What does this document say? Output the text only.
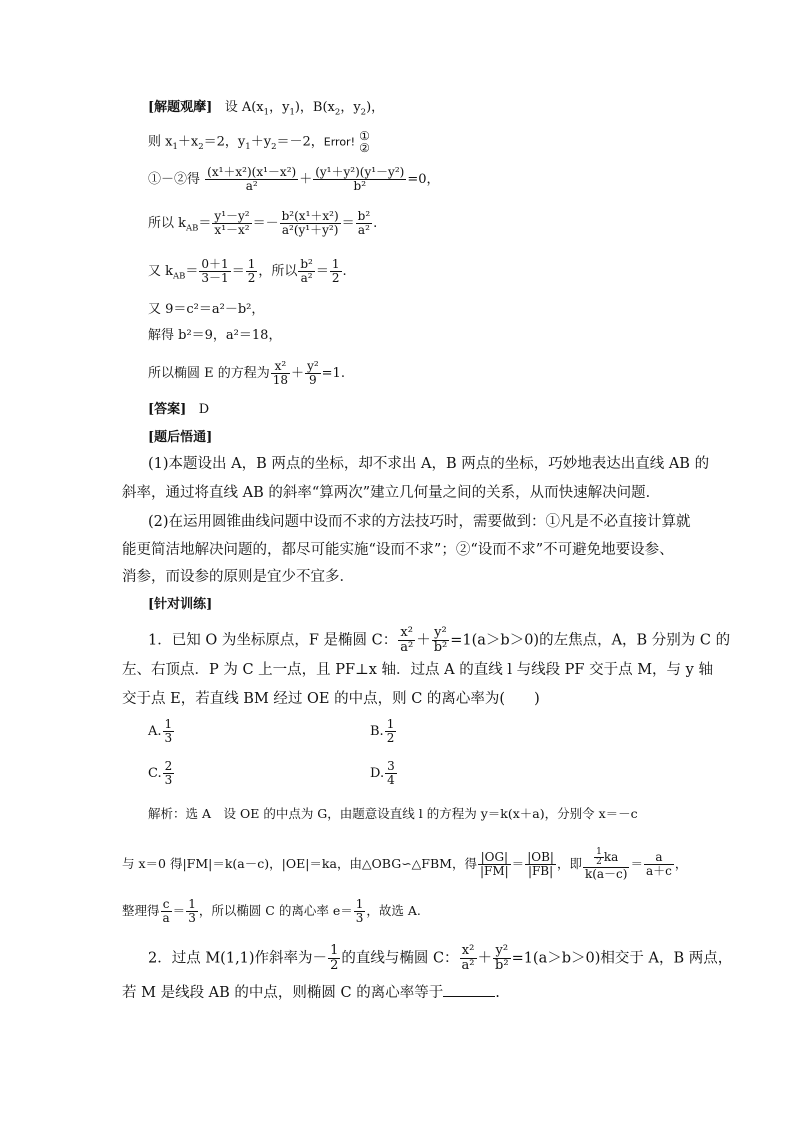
[解题观摩] 设 $A(x_1$，$y_1$)，$B(x_2$，$y_2$)，
则 $x_1+x_2=2$，$y_1+y_2=-2$，Error! ①
②
①－②得 $\frac{\text{(x¹＋x²)(x¹－x²)}}{\text{a²}} + \frac{\text{(y¹＋y²)(y¹－y²)}}{\text{b²}} =0$，
所以 $k_{AB}= \frac{\text{y¹－y²}}{\text{x¹－x²}} =- \frac{\text{b²(x¹＋x²)}}{\text{a²(y¹＋y²)}} = \frac{\text{b²}}{\text{a²}}$ .
又 $k_{AB}= \frac{0+1}{3-1} = \frac{1}{2}$ ，所以 $\frac{\text{b²}}{\text{a²}} = \frac{1}{2}$ .
又 9＝c²＝a²－b²，
解得 b²＝9，a²＝18，
所以椭圆 E 的方程为 $\frac{\text{x²}}{18} + \frac{\text{y²}}{9} =1$.
[答案] D
[题后悟通]
(1)本题设出 A，B 两点的坐标，却不求出 A，B 两点的坐标，巧妙地表达出直线 AB 的
斜率，通过将直线 AB 的斜率“算两次”建立几何量之间的关系，从而快速解决问题．
(2)在运用圆锥曲线问题中设而不求的方法技巧时，需要做到：①凡是不必直接计算就
能更简洁地解决问题的，都尽可能实施“设而不求”；②“设而不求”不可避免地要设参、
消参，而设参的原则是宜少不宜多．
[针对训练]
1．已知 O 为坐标原点，F 是椭圆 C： $\frac{\text{x²}}{\text{a²}} + \frac{\text{y²}}{\text{b²}} =1(a>b>0)$的左焦点，A，B 分别为 C 的
左、右顶点．P 为 C 上一点，且 PF⊥x 轴．过点 A 的直线 l 与线段 PF 交于点 M，与 y 轴
交于点 E，若直线 BM 经过 OE 的中点，则 C 的离心率为(　　)
A. $\frac{1}{3}$	B. $\frac{1}{2}$
C. $\frac{2}{3}$	D. $\frac{3}{4}$
解析：选 A　设 OE 的中点为 G，由题意设直线 l 的方程为 y＝k(x＋a)，分别令 x＝－c
与 x＝0 得|FM|＝k(a－c)，|OE|＝ka，由△OBG∽△FBM，得 $\frac{|OG|}{|FM|} = \frac{|OB|}{|FB|}$ ，即 $\frac{\frac{1}{2} ka}{k(a-c)} = \frac{a}{a+c}$ ，
整理得 $\frac{c}{a} = \frac{1}{3}$ ，所以椭圆 C 的离心率 $e= \frac{1}{3}$ ，故选 A.
2．过点 M(1,1)作斜率为－ $\frac{1}{2}$ 的直线与椭圆 C： $\frac{\text{x²}}{\text{a²}} + \frac{\text{y²}}{\text{b²}} =1(a>b>0)$相交于 A，B 两点，
若 M 是线段 AB 的中点，则椭圆 C 的离心率等于	.
